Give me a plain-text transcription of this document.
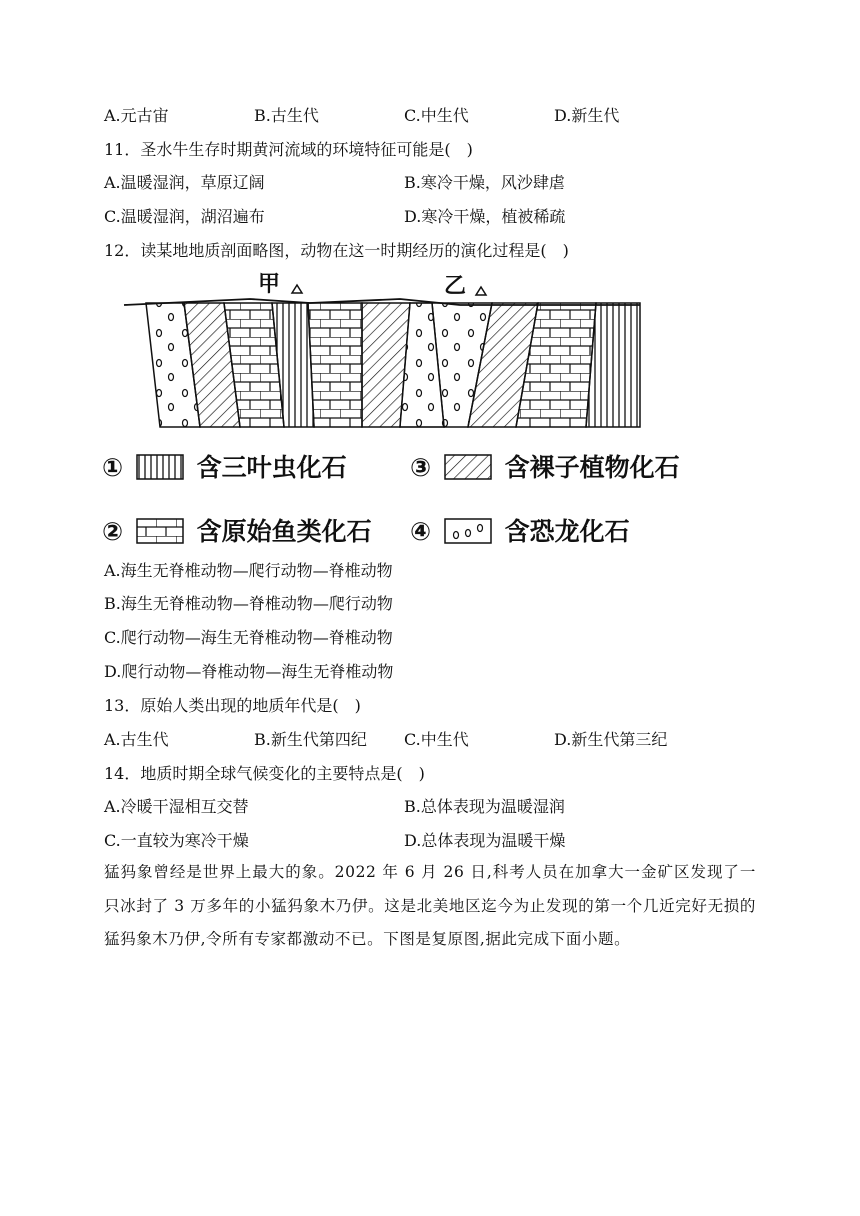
A.元古宙	B.古生代	C.中生代	D.新生代
11．圣水牛生存时期黄河流域的环境特征可能是(　)
A.温暖湿润，草原辽阔	B.寒冷干燥，风沙肆虐
C.温暖湿润，湖沼遍布	D.寒冷干燥，植被稀疏
12．读某地地质剖面略图，动物在这一时期经历的演化过程是(　)
甲	乙
①	含三叶虫化石	③	含裸子植物化石
②	含原始鱼类化石 ④	含恐龙化石
A.海生无脊椎动物—爬行动物—脊椎动物
B.海生无脊椎动物—脊椎动物—爬行动物
C.爬行动物—海生无脊椎动物—脊椎动物
D.爬行动物—脊椎动物—海生无脊椎动物
13．原始人类出现的地质年代是(　)
A.古生代	B.新生代第四纪 C.中生代	D.新生代第三纪
14．地质时期全球气候变化的主要特点是(　)
A.冷暖干湿相互交替	B.总体表现为温暖湿润
C.一直较为寒冷干燥	D.总体表现为温暖干燥
猛犸象曾经是世界上最大的象。2022 年 6 月 26 日,科考人员在加拿大一金矿区发现了一只冰封了 3 万多年的小猛犸象木乃伊。这是北美地区迄今为止发现的第一个几近完好无损的猛犸象木乃伊,令所有专家都激动不已。下图是复原图,据此完成下面小题。
